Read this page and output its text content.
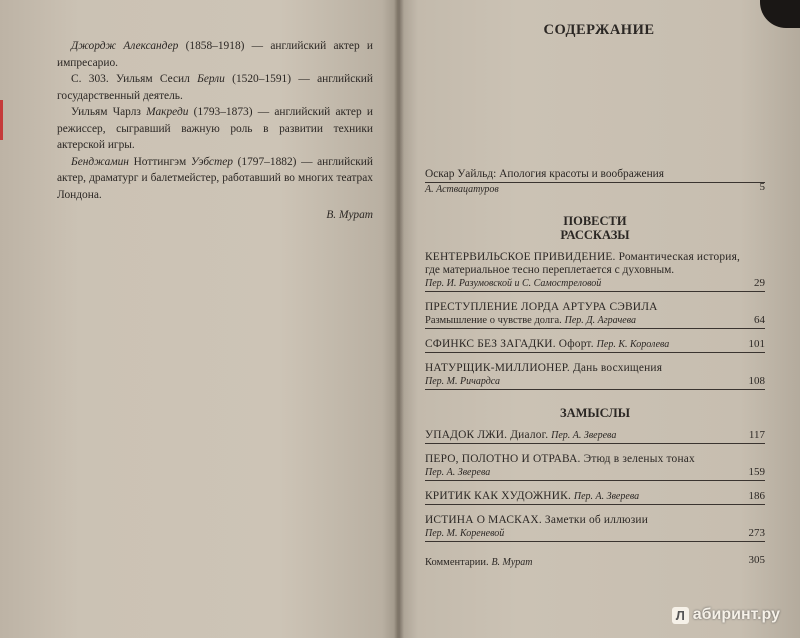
Джордж Александер (1858–1918) — английский актер и импресарио.

С. 303. Уильям Сесил Берли (1520–1591) — английский государственный деятель.

Уильям Чарлз Макреди (1793–1873) — английский актер и режиссер, сыгравший важную роль в развитии техники актерской игры.

Бенджамин Ноттингэм Уэбстер (1797–1882) — английский актер, драматург и балетмейстер, работавший во многих театрах Лондона.

В. Мурат

СОДЕРЖАНИЕ
Оскар Уайльд: Апология красоты и воображения
А. Аствацатуров	5
ПОВЕСТИ
РАССКАЗЫ
КЕНТЕРВИЛЬСКОЕ ПРИВИДЕНИЕ. Романтическая история,
где материальное тесно переплетается с духовным.
Пер. И. Разумовской и С. Самостреловой	29
ПРЕСТУПЛЕНИЕ ЛОРДА АРТУРА СЭВИЛА
Размышление о чувстве долга. Пер. Д. Аграчева	64
СФИНКС БЕЗ ЗАГАДКИ. Офорт. Пер. К. Королева	101
НАТУРЩИК-МИЛЛИОНЕР. Дань восхищения
Пер. М. Ричардса	108
ЗАМЫСЛЫ
УПАДОК ЛЖИ. Диалог. Пер. А. Зверева	117
ПЕРО, ПОЛОТНО И ОТРАВА. Этюд в зеленых тонах
Пер. А. Зверева	159
КРИТИК КАК ХУДОЖНИК. Пер. А. Зверева	186
ИСТИНА О МАСКАХ. Заметки об иллюзии
Пер. М. Кореневой	273
Комментарии. В. Мурат	305
Л абиринт.ру
